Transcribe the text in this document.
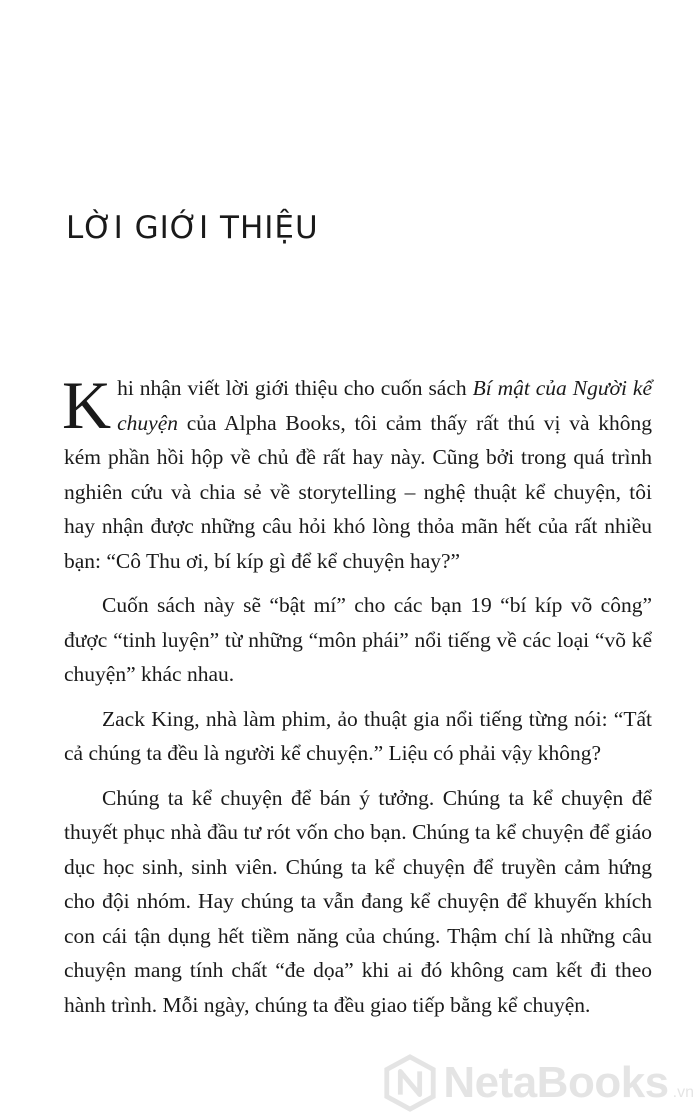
LỜI GIỚI THIỆU

Khi nhận viết lời giới thiệu cho cuốn sách Bí mật của Người kể chuyện của Alpha Books, tôi cảm thấy rất thú vị và không kém phần hồi hộp về chủ đề rất hay này. Cũng bởi trong quá trình nghiên cứu và chia sẻ về storytelling – nghệ thuật kể chuyện, tôi hay nhận được những câu hỏi khó lòng thỏa mãn hết của rất nhiều bạn: “Cô Thu ơi, bí kíp gì để kể chuyện hay?”

Cuốn sách này sẽ “bật mí” cho các bạn 19 “bí kíp võ công” được “tinh luyện” từ những “môn phái” nổi tiếng về các loại “võ kể chuyện” khác nhau.

Zack King, nhà làm phim, ảo thuật gia nổi tiếng từng nói: “Tất cả chúng ta đều là người kể chuyện.” Liệu có phải vậy không?

Chúng ta kể chuyện để bán ý tưởng. Chúng ta kể chuyện để thuyết phục nhà đầu tư rót vốn cho bạn. Chúng ta kể chuyện để giáo dục học sinh, sinh viên. Chúng ta kể chuyện để truyền cảm hứng cho đội nhóm. Hay chúng ta vẫn đang kể chuyện để khuyến khích con cái tận dụng hết tiềm năng của chúng. Thậm chí là những câu chuyện mang tính chất “đe dọa” khi ai đó không cam kết đi theo hành trình. Mỗi ngày, chúng ta đều giao tiếp bằng kể chuyện.

NetaBooks .vn
